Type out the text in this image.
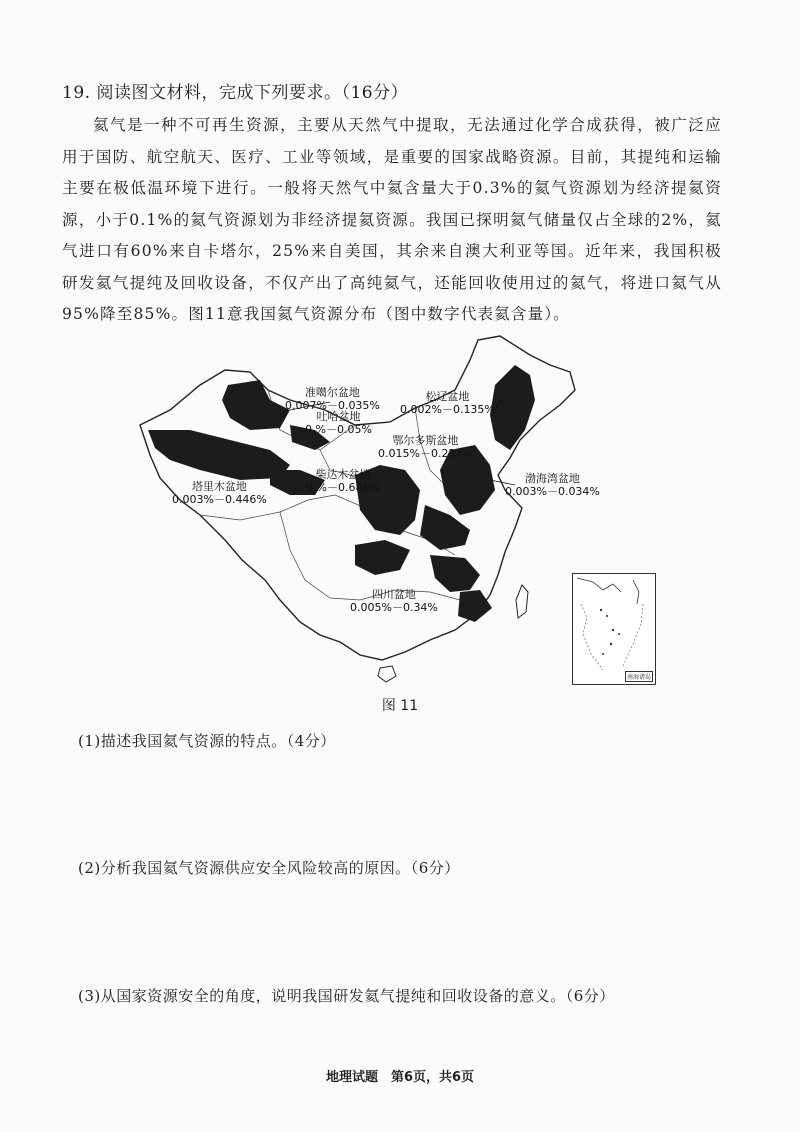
19. 阅读图文材料，完成下列要求。（16分）
氦气是一种不可再生资源，主要从天然气中提取，无法通过化学合成获得，被广泛应用于国防、航空航天、医疗、工业等领域，是重要的国家战略资源。目前，其提纯和运输主要在极低温环境下进行。一般将天然气中氦含量大于0.3%的氦气资源划为经济提氦资源，小于0.1%的氦气资源划为非经济提氦资源。我国已探明氦气储量仅占全球的2%，氦气进口有60%来自卡塔尔，25%来自美国，其余来自澳大利亚等国。近年来，我国积极研发氦气提纯及回收设备，不仅产出了高纯氦气，还能回收使用过的氦气，将进口氦气从95%降至85%。图11意我国氦气资源分布（图中数字代表氦含量）。
准噶尔盆地
0.007%－0.035%
吐哈盆地
0.%－0.05%
鄂尔多斯盆地
0.015%－0.237%
松辽盆地
0.002%－0.135%
柴达木盆地
0.%－0.686%
塔里木盆地
0.003%－0.446%
渤海湾盆地
0.003%－0.034%
四川盆地
0.005%－0.34%
南海诸岛
图 11
(1)描述我国氦气资源的特点。（4分）
(2)分析我国氦气资源供应安全风险较高的原因。（6分）
(3)从国家资源安全的角度，说明我国研发氦气提纯和回收设备的意义。（6分）
地理试题　第6页，共6页
